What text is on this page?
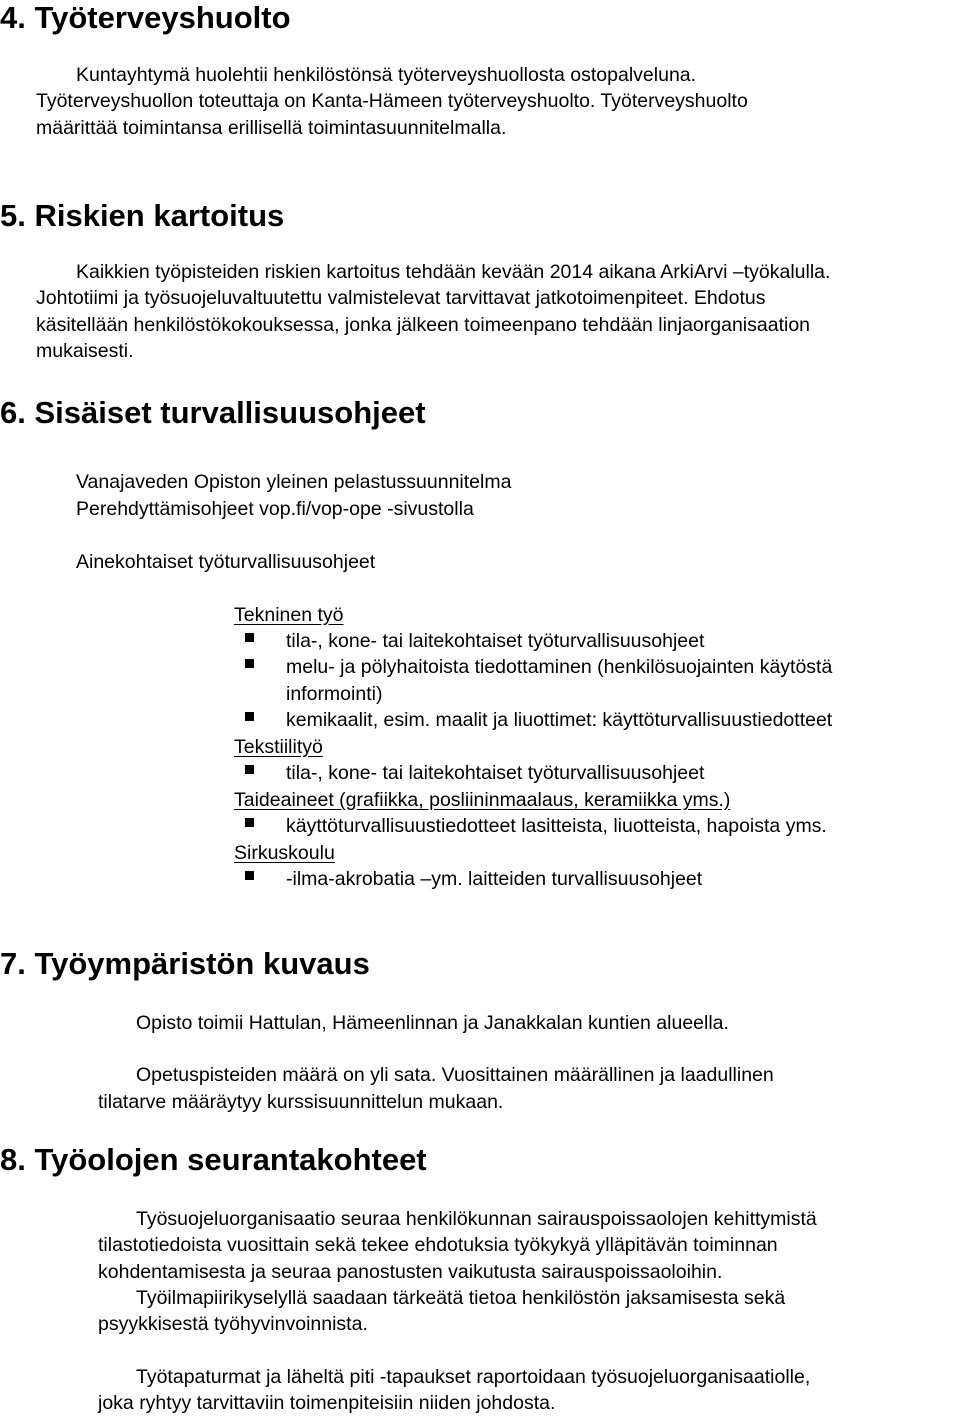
4. Työterveyshuolto
Kuntayhtymä huolehtii henkilöstönsä työterveyshuollosta ostopalveluna.
Työterveyshuollon toteuttaja on Kanta-Hämeen työterveyshuolto. Työterveyshuolto
määrittää toimintansa erillisellä toimintasuunnitelmalla.
5. Riskien kartoitus
Kaikkien työpisteiden riskien kartoitus tehdään kevään 2014 aikana ArkiArvi –työkalulla.
Johtotiimi ja työsuojeluvaltuutettu valmistelevat tarvittavat jatkotoimenpiteet. Ehdotus
käsitellään henkilöstökokouksessa, jonka jälkeen toimeenpano tehdään linjaorganisaation
mukaisesti.
6. Sisäiset turvallisuusohjeet
Vanajaveden Opiston yleinen pelastussuunnitelma
Perehdyttämisohjeet vop.fi/vop-ope -sivustolla
Ainekohtaiset työturvallisuusohjeet
Tekninen työ
tila-, kone- tai laitekohtaiset työturvallisuusohjeet
melu- ja pölyhaitoista tiedottaminen (henkilösuojainten käytöstä
informointi)
kemikaalit, esim. maalit ja liuottimet: käyttöturvallisuustiedotteet
Tekstiilityö
tila-, kone- tai laitekohtaiset työturvallisuusohjeet
Taideaineet (grafiikka, posliininmaalaus, keramiikka yms.)
käyttöturvallisuustiedotteet lasitteista, liuotteista, hapoista yms.
Sirkuskoulu
-ilma-akrobatia –ym. laitteiden turvallisuusohjeet
7. Työympäristön kuvaus
Opisto toimii Hattulan, Hämeenlinnan ja Janakkalan kuntien alueella.
Opetuspisteiden määrä on yli sata. Vuosittainen määrällinen ja laadullinen
tilatarve määräytyy kurssisuunnittelun mukaan.
8. Työolojen seurantakohteet
Työsuojeluorganisaatio seuraa henkilökunnan sairauspoissaolojen kehittymistä
tilastotiedoista vuosittain sekä tekee ehdotuksia työkykyä ylläpitävän toiminnan
kohdentamisesta ja seuraa panostusten vaikutusta sairauspoissaoloihin.
Työilmapiirikyselyllä saadaan tärkeätä tietoa henkilöstön jaksamisesta sekä
psyykkisestä työhyvinvoinnista.
Työtapaturmat ja läheltä piti -tapaukset raportoidaan työsuojeluorganisaatiolle,
joka ryhtyy tarvittaviin toimenpiteisiin niiden johdosta.
